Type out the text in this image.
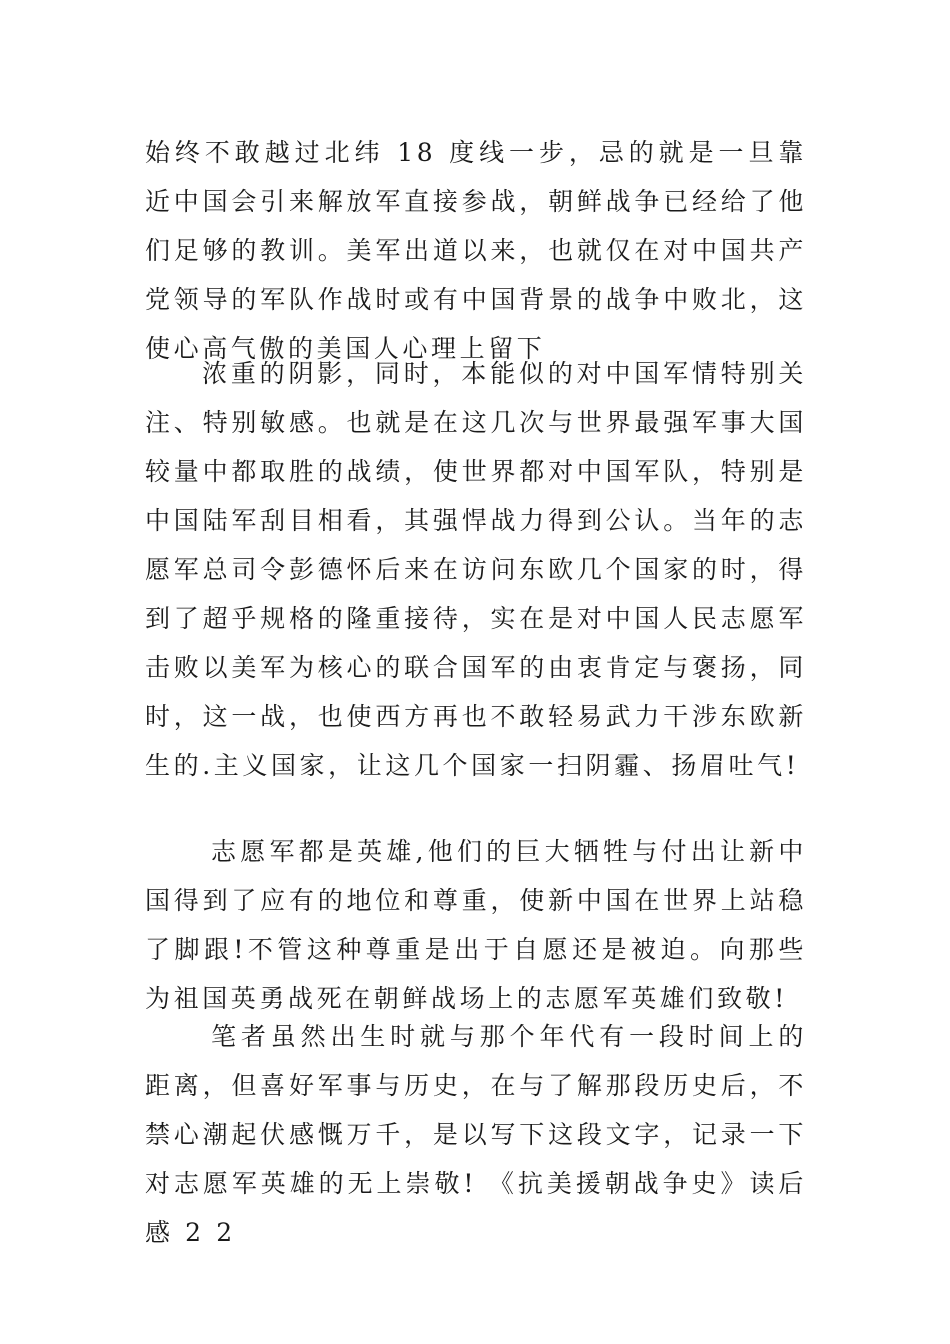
始终不敢越过北纬 18 度线一步，忌的就是一旦靠近中国会引来解放军直接参战，朝鲜战争已经给了他们足够的教训。美军出道以来，也就仅在对中国共产党领导的军队作战时或有中国背景的战争中败北，这使心高气傲的美国人心理上留下

浓重的阴影，同时，本能似的对中国军情特别关注、特别敏感。也就是在这几次与世界最强军事大国较量中都取胜的战绩，使世界都对中国军队，特别是中国陆军刮目相看，其强悍战力得到公认。当年的志愿军总司令彭德怀后来在访问东欧几个国家的时，得到了超乎规格的隆重接待，实在是对中国人民志愿军击败以美军为核心的联合国军的由衷肯定与褒扬，同时，这一战，也使西方再也不敢轻易武力干涉东欧新生的.主义国家，让这几个国家一扫阴霾、扬眉吐气!

志愿军都是英雄,他们的巨大牺牲与付出让新中国得到了应有的地位和尊重，使新中国在世界上站稳了脚跟!不管这种尊重是出于自愿还是被迫。向那些为祖国英勇战死在朝鲜战场上的志愿军英雄们致敬!

笔者虽然出生时就与那个年代有一段时间上的距离，但喜好军事与历史，在与了解那段历史后，不禁心潮起伏感慨万千，是以写下这段文字，记录一下对志愿军英雄的无上崇敬! 《抗美援朝战争史》读后感 2 2
